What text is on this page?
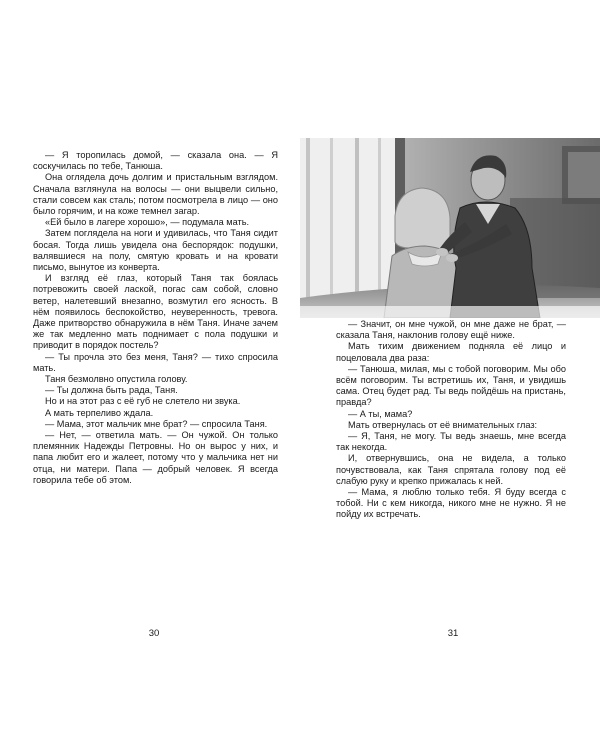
— Я торопилась домой, — сказала она. — Я соскучилась по тебе, Танюша.

Она оглядела дочь долгим и пристальным взглядом. Сначала взглянула на волосы — они выцвели сильно, стали совсем как сталь; потом посмотрела в лицо — оно было горячим, и на коже темнел загар.

«Ей было в лагере хорошо», — подумала мать.

Затем поглядела на ноги и удивилась, что Таня сидит босая. Тогда лишь увидела она беспорядок: подушки, валявшиеся на полу, смятую кровать и на кровати письмо, вынутое из конверта.

И взгляд её глаз, который Таня так боялась потревожить своей лаской, погас сам собой, словно ветер, налетевший внезапно, возмутил его ясность. В нём появилось беспокойство, неуверенность, тревога. Даже притворство обнаружила в нём Таня. Иначе зачем же так медленно мать поднимает с пола подушки и приводит в порядок постель?

— Ты прочла это без меня, Таня? — тихо спросила мать.

Таня безмолвно опустила голову.

— Ты должна быть рада, Таня.

Но и на этот раз с её губ не слетело ни звука.

А мать терпеливо ждала.

— Мама, этот мальчик мне брат? — спросила Таня.

— Нет, — ответила мать. — Он чужой. Он только племянник Надежды Петровны. Но он вырос у них, и папа любит его и жалеет, потому что у мальчика нет ни отца, ни матери. Папа — добрый человек. Я всегда говорила тебе об этом.

30

— Значит, он мне чужой, он мне даже не брат, — сказала Таня, наклонив голову ещё ниже.

Мать тихим движением подняла её лицо и поцеловала два раза:

— Танюша, милая, мы с тобой поговорим. Мы обо всём поговорим. Ты встретишь их, Таня, и увидишь сама. Отец будет рад. Ты ведь пойдёшь на пристань, правда?

— А ты, мама?

Мать отвернулась от её внимательных глаз:

— Я, Таня, не могу. Ты ведь знаешь, мне всегда так некогда.

И, отвернувшись, она не видела, а только почувствовала, как Таня спрятала голову под её слабую руку и крепко прижалась к ней.

— Мама, я люблю только тебя. Я буду всегда с тобой. Ни с кем никогда, никого мне не нужно. Я не пойду их встречать.

31
